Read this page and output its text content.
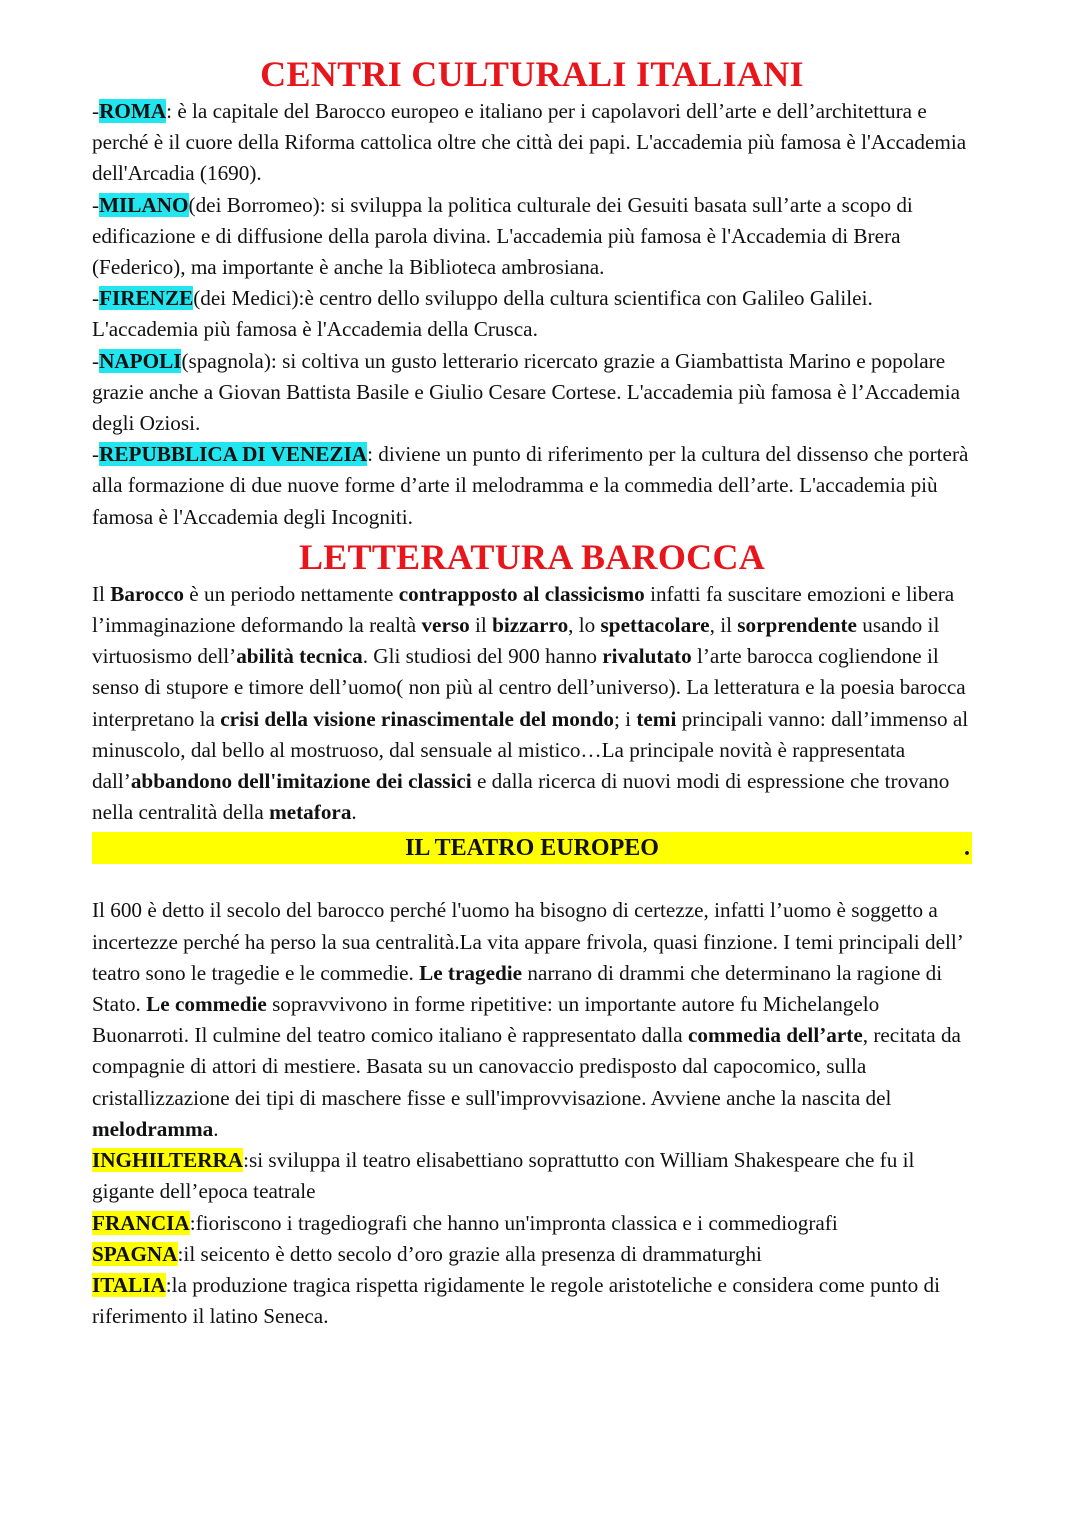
CENTRI CULTURALI ITALIANI

-ROMA: è la capitale del Barocco europeo e italiano per i capolavori dell’arte e dell’architettura e perché è il cuore della Riforma cattolica oltre che città dei papi. L'accademia più famosa è l'Accademia dell'Arcadia (1690).

-MILANO(dei Borromeo): si sviluppa la politica culturale dei Gesuiti basata sull’arte a scopo di edificazione e di diffusione della parola divina. L'accademia più famosa è l'Accademia di Brera (Federico), ma importante è anche la Biblioteca ambrosiana.

-FIRENZE(dei Medici):è centro dello sviluppo della cultura scientifica con Galileo Galilei. L'accademia più famosa è l'Accademia della Crusca.

-NAPOLI(spagnola): si coltiva un gusto letterario ricercato grazie a Giambattista Marino e popolare grazie anche a Giovan Battista Basile e Giulio Cesare Cortese. L'accademia più famosa è l’Accademia degli Oziosi.

-REPUBBLICA DI VENEZIA: diviene un punto di riferimento per la cultura del dissenso che porterà alla formazione di due nuove forme d’arte il melodramma e la commedia dell’arte. L'accademia più famosa è l'Accademia degli Incogniti.

LETTERATURA BAROCCA

Il Barocco è un periodo nettamente contrapposto al classicismo infatti fa suscitare emozioni e libera l’immaginazione deformando la realtà verso il bizzarro, lo spettacolare, il sorprendente usando il virtuosismo dell’abilità tecnica. Gli studiosi del 900 hanno rivalutato l’arte barocca cogliendone il senso di stupore e timore dell’uomo( non più al centro dell’universo). La letteratura e la poesia barocca interpretano la crisi della visione rinascimentale del mondo; i temi principali vanno: dall’immenso al minuscolo, dal bello al mostruoso, dal sensuale al mistico…La principale novità è rappresentata dall’abbandono dell'imitazione dei classici e dalla ricerca di nuovi modi di espressione che trovano nella centralità della metafora.

IL TEATRO EUROPEO	.

Il 600 è detto il secolo del barocco perché l'uomo ha bisogno di certezze, infatti l’uomo è soggetto a incertezze perché ha perso la sua centralità.La vita appare frivola, quasi finzione. I temi principali dell’ teatro sono le tragedie e le commedie. Le tragedie narrano di drammi che determinano la ragione di Stato. Le commedie sopravvivono in forme ripetitive: un importante autore fu Michelangelo Buonarroti. Il culmine del teatro comico italiano è rappresentato dalla commedia dell’arte, recitata da compagnie di attori di mestiere. Basata su un canovaccio predisposto dal capocomico, sulla cristallizzazione dei tipi di maschere fisse e sull'improvvisazione. Avviene anche la nascita del melodramma.

INGHILTERRA:si sviluppa il teatro elisabettiano soprattutto con William Shakespeare che fu il gigante dell’epoca teatrale

FRANCIA:fioriscono i tragediografi che hanno un'impronta classica e i commediografi

SPAGNA:il seicento è detto secolo d’oro grazie alla presenza di drammaturghi

ITALIA:la produzione tragica rispetta rigidamente le regole aristoteliche e considera come punto di riferimento il latino Seneca.
